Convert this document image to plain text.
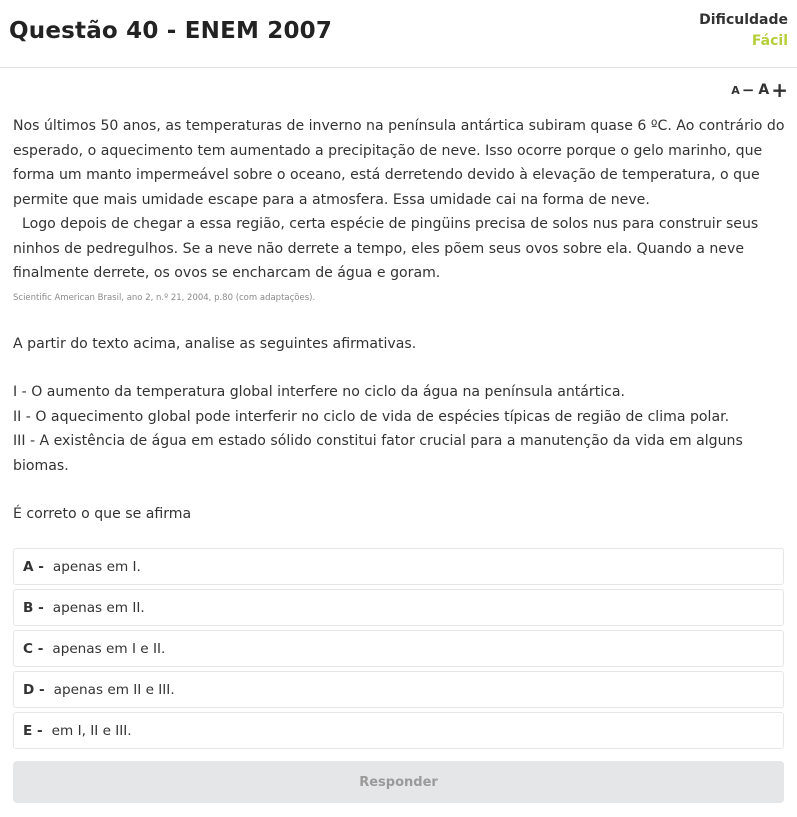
Questão 40 - ENEM 2007	Dificuldade
Fácil
A − A +

Nos últimos 50 anos, as temperaturas de inverno na península antártica subiram quase 6 ºC. Ao contrário do esperado, o aquecimento tem aumentado a precipitação de neve. Isso ocorre porque o gelo marinho, que forma um manto impermeável sobre o oceano, está derretendo devido à elevação de temperatura, o que permite que mais umidade escape para a atmosfera. Essa umidade cai na forma de neve.

Logo depois de chegar a essa região, certa espécie de pingüins precisa de solos nus para construir seus ninhos de pedregulhos. Se a neve não derrete a tempo, eles põem seus ovos sobre ela. Quando a neve finalmente derrete, os ovos se encharcam de água e goram.

Scientific American Brasil, ano 2, n.º 21, 2004, p.80 (com adaptações).

A partir do texto acima, analise as seguintes afirmativas.

I - O aumento da temperatura global interfere no ciclo da água na península antártica.

II - O aquecimento global pode interferir no ciclo de vida de espécies típicas de região de clima polar.

III - A existência de água em estado sólido constitui fator crucial para a manutenção da vida em alguns biomas.

É correto o que se afirma

A - apenas em I.
B - apenas em II.
C - apenas em I e II.
D - apenas em II e III.
E - em I, II e III.
Responder
